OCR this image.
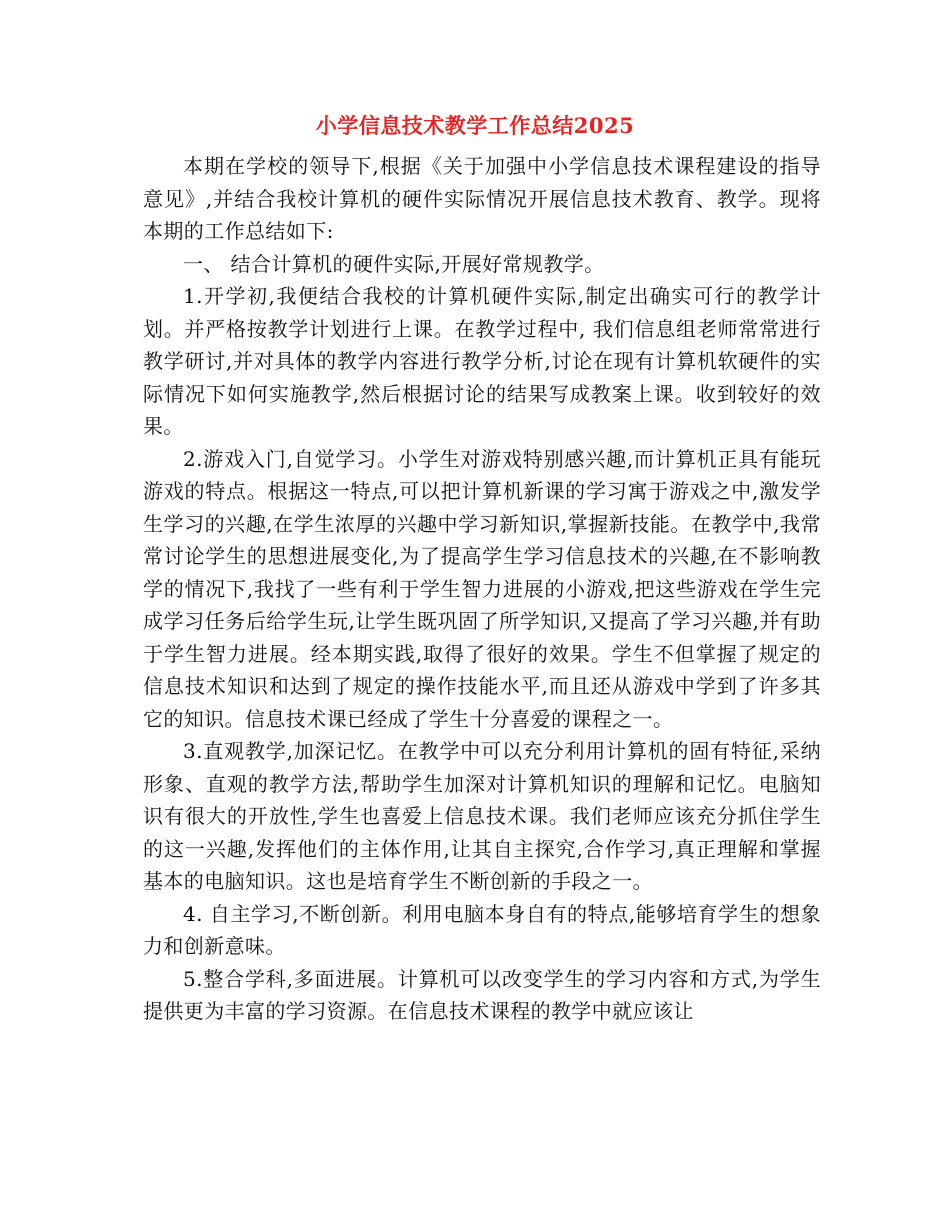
小学信息技术教学工作总结2025

本期在学校的领导下,根据《关于加强中小学信息技术课程建设的指导意见》,并结合我校计算机的硬件实际情况开展信息技术教育、教学。现将本期的工作总结如下:

一、 结合计算机的硬件实际,开展好常规教学。

1.开学初,我便结合我校的计算机硬件实际,制定出确实可行的教学计划。并严格按教学计划进行上课。在教学过程中, 我们信息组老师常常进行教学研讨,并对具体的教学内容进行教学分析,讨论在现有计算机软硬件的实际情况下如何实施教学,然后根据讨论的结果写成教案上课。收到较好的效果。

2.游戏入门,自觉学习。小学生对游戏特别感兴趣,而计算机正具有能玩游戏的特点。根据这一特点,可以把计算机新课的学习寓于游戏之中,激发学生学习的兴趣,在学生浓厚的兴趣中学习新知识,掌握新技能。在教学中,我常常讨论学生的思想进展变化,为了提高学生学习信息技术的兴趣,在不影响教学的情况下,我找了一些有利于学生智力进展的小游戏,把这些游戏在学生完成学习任务后给学生玩,让学生既巩固了所学知识,又提高了学习兴趣,并有助于学生智力进展。经本期实践,取得了很好的效果。学生不但掌握了规定的信息技术知识和达到了规定的操作技能水平,而且还从游戏中学到了许多其它的知识。信息技术课已经成了学生十分喜爱的课程之一。

3.直观教学,加深记忆。在教学中可以充分利用计算机的固有特征,采纳形象、直观的教学方法,帮助学生加深对计算机知识的理解和记忆。电脑知识有很大的开放性,学生也喜爱上信息技术课。我们老师应该充分抓住学生的这一兴趣,发挥他们的主体作用,让其自主探究,合作学习,真正理解和掌握基本的电脑知识。这也是培育学生不断创新的手段之一。

4. 自主学习,不断创新。利用电脑本身自有的特点,能够培育学生的想象力和创新意味。

5.整合学科,多面进展。计算机可以改变学生的学习内容和方式,为学生提供更为丰富的学习资源。在信息技术课程的教学中就应该让
